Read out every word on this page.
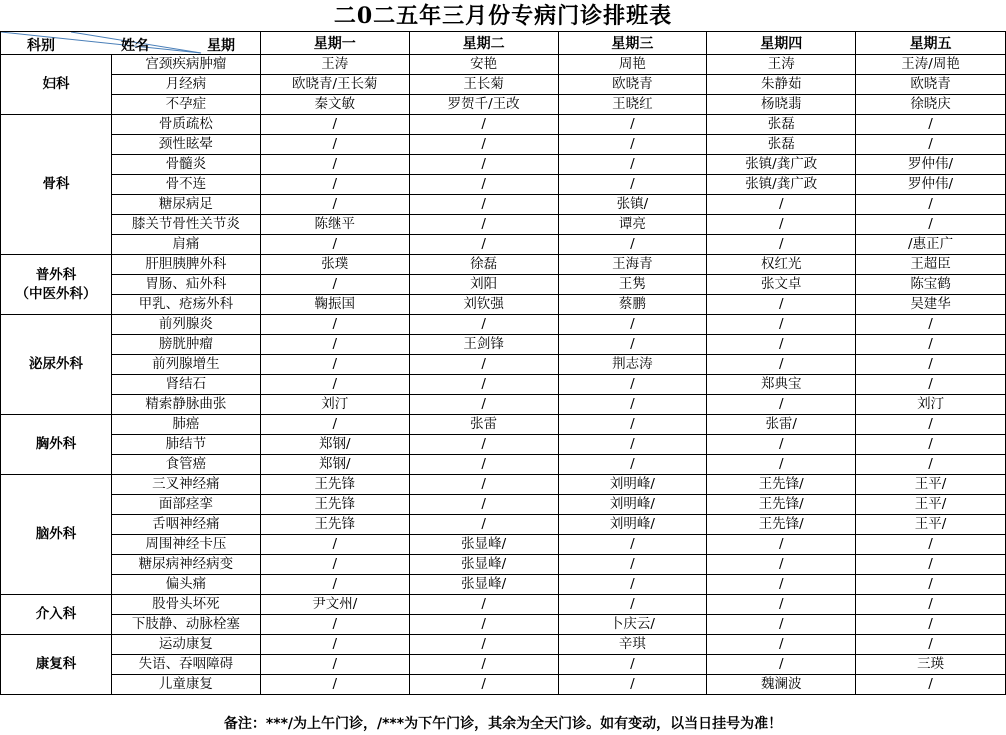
二0二五年三月份专病门诊排班表
科别 姓名 星期		星期一	星期二	星期三	星期四	星期五

妇科	宫颈疾病肿瘤	王涛	安艳	周艳	王涛	王涛/周艳
	月经病	欧晓青/王长菊	王长菊	欧晓青	朱静茹	欧晓青
	不孕症	秦文敏	罗贺千/王改	王晓红	杨晓翡	徐晓庆

骨科	骨质疏松	/	/	/	张磊	/
	颈性眩晕	/	/	/	张磊	/
	骨髓炎	/	/	/	张镇/龚广政	罗仲伟/
	骨不连	/	/	/	张镇/龚广政	罗仲伟/
	糖尿病足	/	/	张镇/	/	/
	膝关节骨性关节炎	陈继平	/	谭亮	/	/
	肩痛	/	/	/	/	/惠正广

普外科
（中医外科）	肝胆胰脾外科	张璞	徐磊	王海青	权红光	王超臣
	胃肠、疝外科	/	刘阳	王隽	张文卓	陈宝鹤
	甲乳、疮疡外科	鞠振国	刘钦强	蔡鹏	/	吴建华

泌尿外科	前列腺炎	/	/	/	/	/
	膀胱肿瘤	/	王剑锋	/	/	/
	前列腺增生	/	/	荆志涛	/	/
	肾结石	/	/	/	郑典宝	/
	精索静脉曲张	刘汀	/	/	/	刘汀

胸外科	肺癌	/	张雷	/	张雷/	/
	肺结节	郑钢/	/	/	/	/
	食管癌	郑钢/	/	/	/	/

脑外科	三叉神经痛	王先锋	/	刘明峰/	王先锋/	王平/
	面部痉挛	王先锋	/	刘明峰/	王先锋/	王平/
	舌咽神经痛	王先锋	/	刘明峰/	王先锋/	王平/
	周围神经卡压	/	张显峰/	/	/	/
	糖尿病神经病变	/	张显峰/	/	/	/
	偏头痛	/	张显峰/	/	/	/

介入科	股骨头坏死	尹文州/	/	/	/	/
	下肢静、动脉栓塞	/	/	卜庆云/	/	/

康复科	运动康复	/	/	辛琪	/	/
	失语、吞咽障碍	/	/	/	/	三瑛
	儿童康复	/	/	/	魏澜波	/
备注：***/为上午门诊，/***为下午门诊，其余为全天门诊。如有变动，以当日挂号为准！
